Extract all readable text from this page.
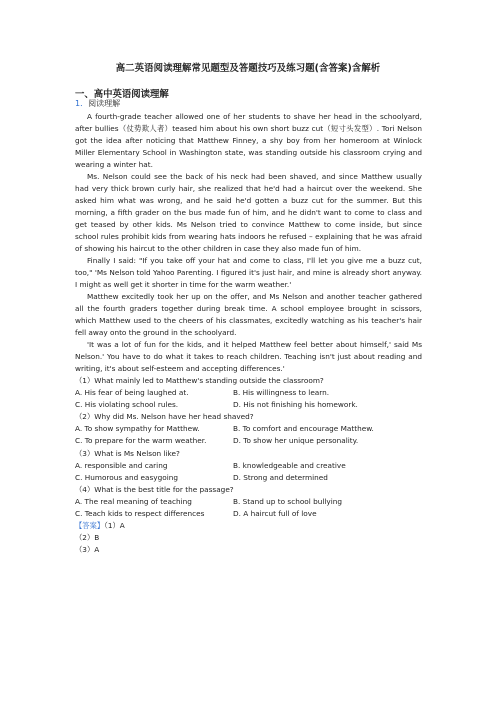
高二英语阅读理解常见题型及答题技巧及练习题(含答案)含解析
一、高中英语阅读理解
1．阅读理解

A fourth-grade teacher allowed one of her students to shave her head in the schoolyard, after bullies（仗势欺人者）teased him about his own short buzz cut（短寸头发型）. Tori Nelson got the idea after noticing that Matthew Finney, a shy boy from her homeroom at Winlock Miller Elementary School in Washington state, was standing outside his classroom crying and wearing a winter hat.

Ms. Nelson could see the back of his neck had been shaved, and since Matthew usually had very thick brown curly hair, she realized that he'd had a haircut over the weekend. She asked him what was wrong, and he said he'd gotten a buzz cut for the summer. But this morning, a fifth grader on the bus made fun of him, and he didn't want to come to class and get teased by other kids. Ms Nelson tried to convince Matthew to come inside, but since school rules prohibit kids from wearing hats indoors he refused – explaining that he was afraid of showing his haircut to the other children in case they also made fun of him.

Finally I said: "If you take off your hat and come to class, I'll let you give me a buzz cut, too," 'Ms Nelson told Yahoo Parenting. I figured it's just hair, and mine is already short anyway. I might as well get it shorter in time for the warm weather.'

Matthew excitedly took her up on the offer, and Ms Nelson and another teacher gathered all the fourth graders together during break time. A school employee brought in scissors, which Matthew used to the cheers of his classmates, excitedly watching as his teacher's hair fell away onto the ground in the schoolyard.

'It was a lot of fun for the kids, and it helped Matthew feel better about himself,' said Ms Nelson.' You have to do what it takes to reach children. Teaching isn't just about reading and writing, it's about self-esteem and accepting differences.'

（1）What mainly led to Matthew's standing outside the classroom?
A. His fear of being laughed at.	B. His willingness to learn.
C. His violating school rules.	D. His not finishing his homework.
（2）Why did Ms. Nelson have her head shaved?
A. To show sympathy for Matthew.	B. To comfort and encourage Matthew.
C. To prepare for the warm weather.	D. To show her unique personality.
（3）What is Ms Nelson like?
A. responsible and caring	B. knowledgeable and creative
C. Humorous and easygoing	D. Strong and determined
（4）What is the best title for the passage?
A. The real meaning of teaching	B. Stand up to school bullying
C. Teach kids to respect differences	D. A haircut full of love
【答案】（1）A
（2）B
（3）A
